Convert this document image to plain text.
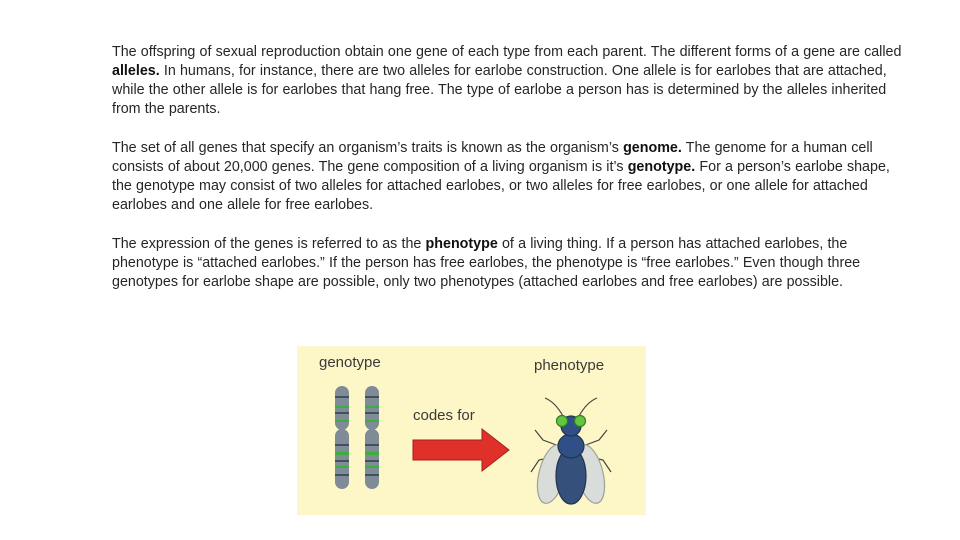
The offspring of sexual reproduction obtain one gene of each type from each parent. The different forms of a gene are called alleles. In humans, for instance, there are two alleles for earlobe construction. One allele is for earlobes that are attached, while the other allele is for earlobes that hang free. The type of earlobe a person has is determined by the alleles inherited from the parents.

The set of all genes that specify an organism’s traits is known as the organism’s genome. The genome for a human cell consists of about 20,000 genes. The gene composition of a living organism is it’s genotype. For a person’s earlobe shape, the genotype may consist of two alleles for attached earlobes, or two alleles for free earlobes, or one allele for attached earlobes and one allele for free earlobes.

The expression of the genes is referred to as the phenotype of a living thing. If a person has attached earlobes, the phenotype is “attached earlobes.” If the person has free earlobes, the phenotype is “free earlobes.” Even though three genotypes for earlobe shape are possible, only two phenotypes (attached earlobes and free earlobes) are possible.

genotype	phenotype
codes for
